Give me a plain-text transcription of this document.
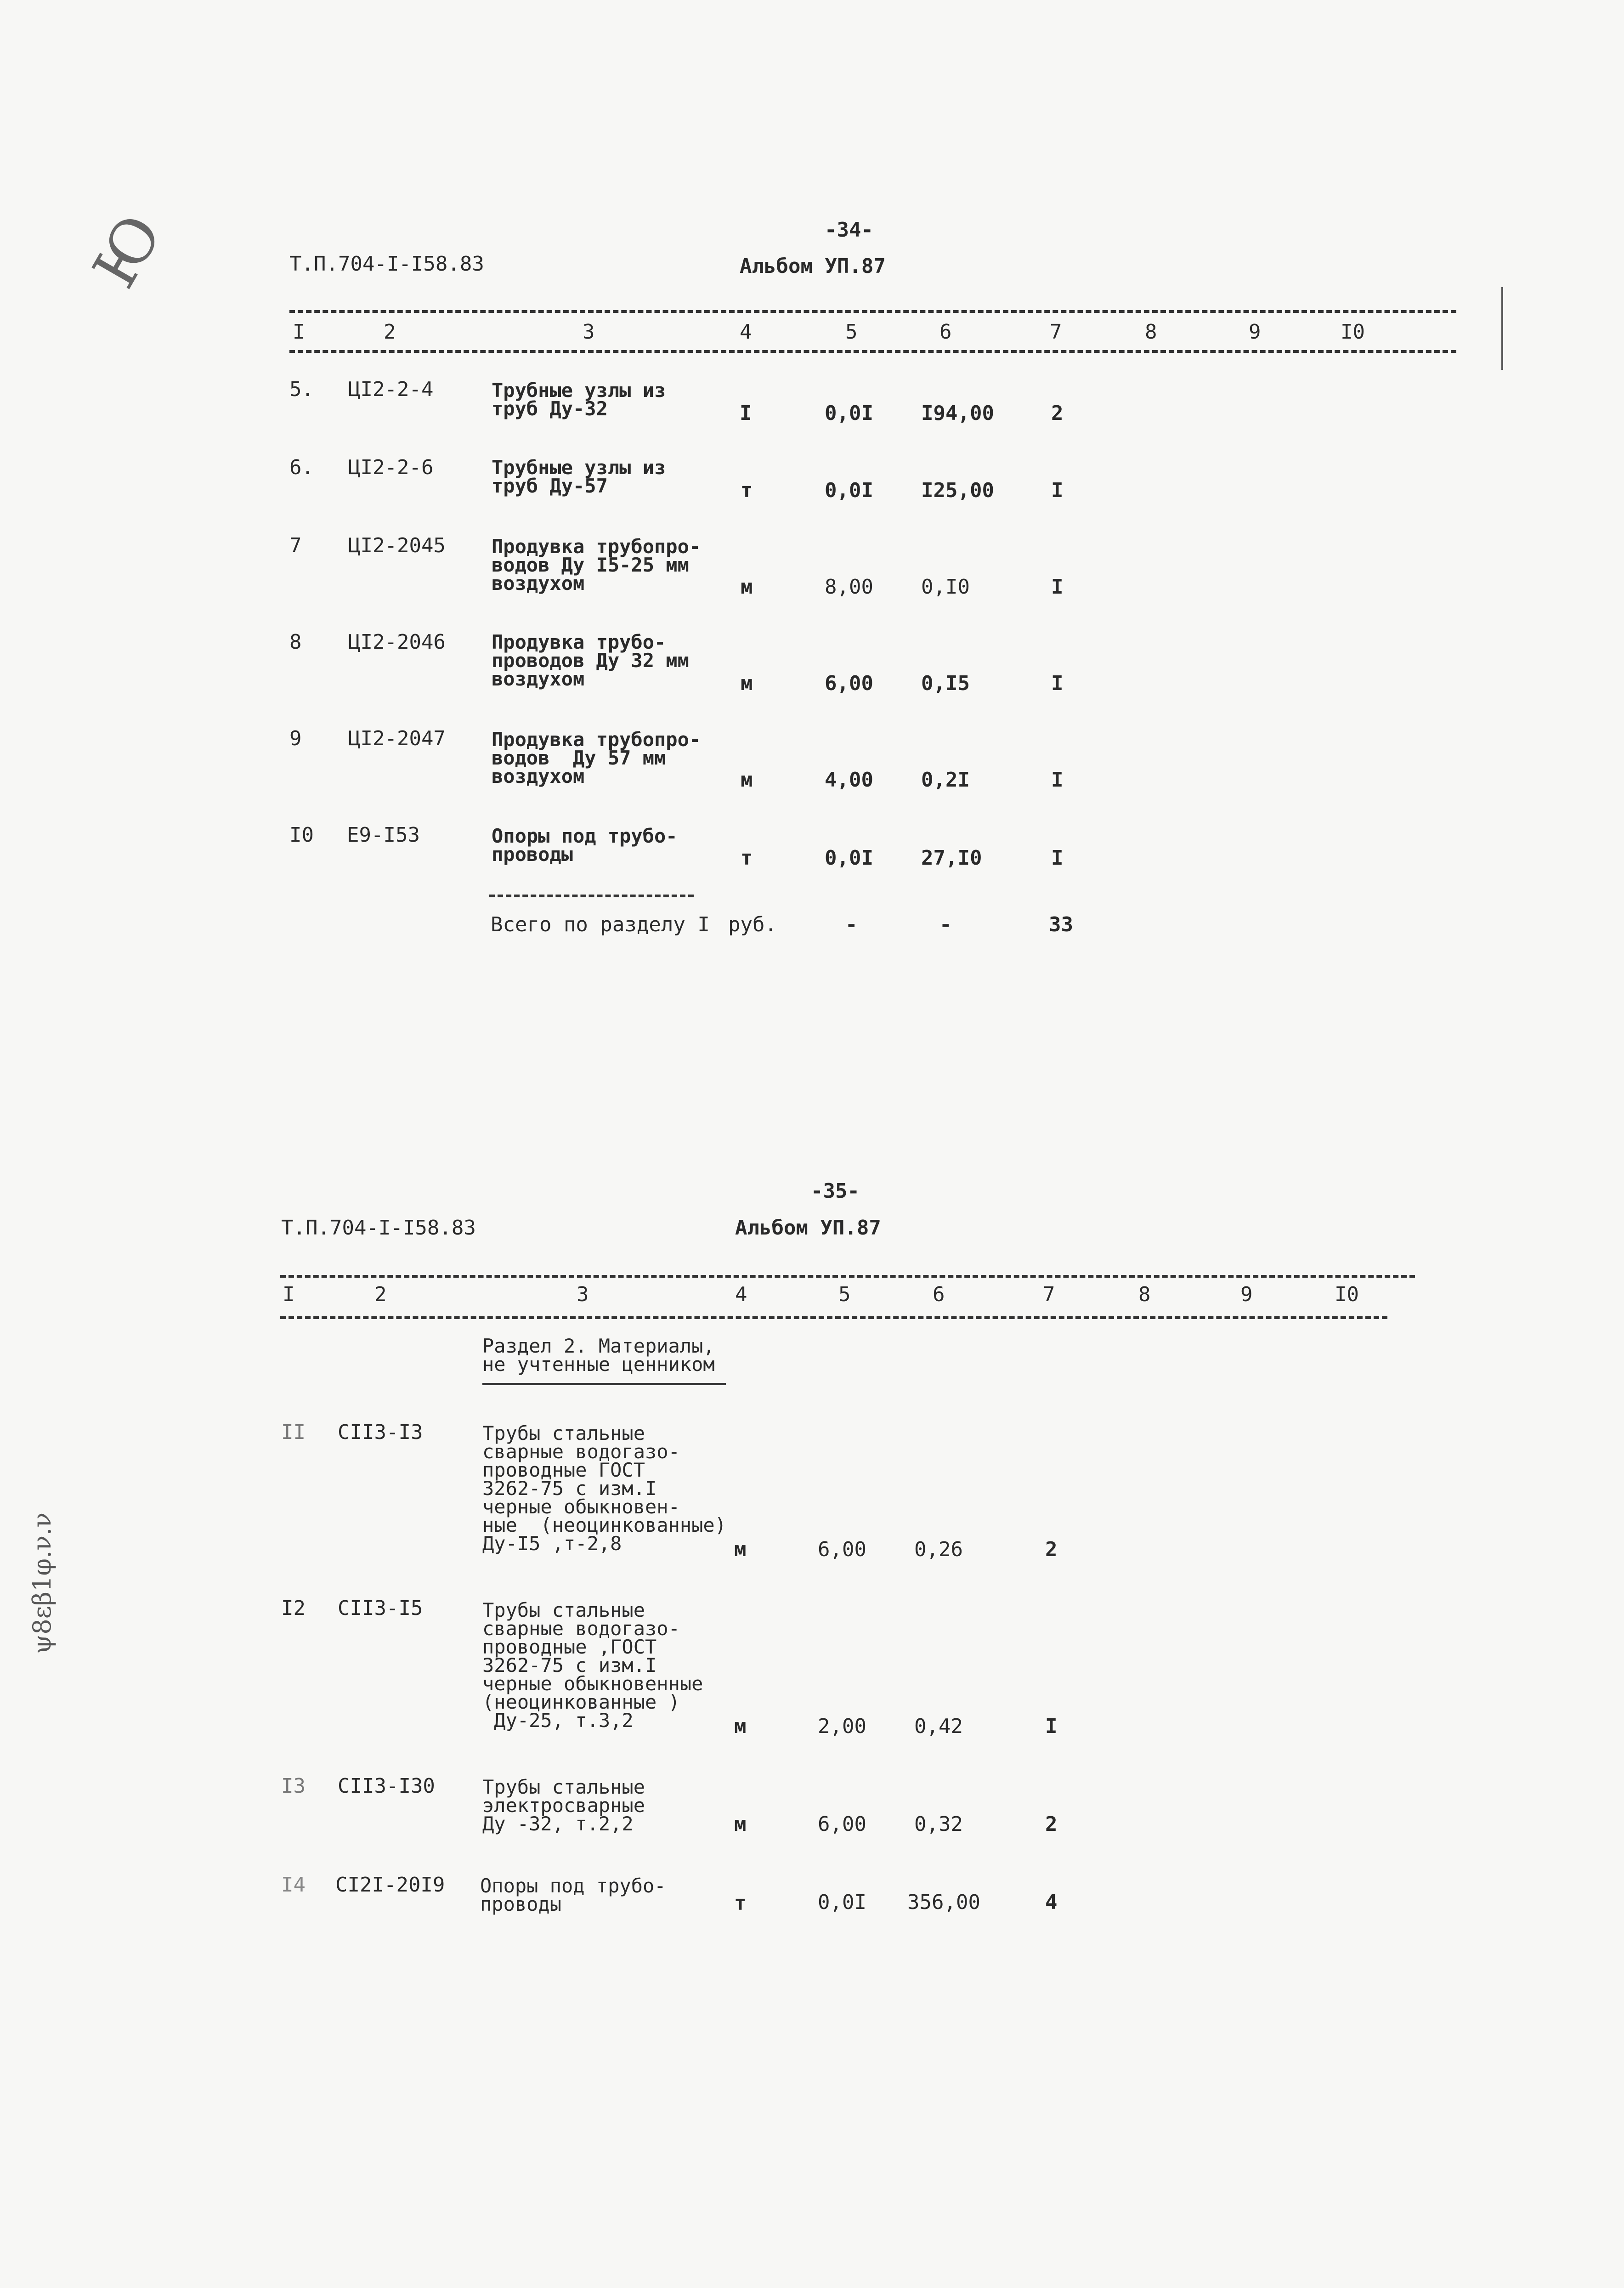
Ю
ψ8ɛβ1φ.ν.ν
-34-
Т.П.704-I-I58.83	Альбом УП.87
I	2	3	4	5	6	7	8	9	I0
5. ЦI2-2-4	Трубные узлы из
труб Ду-32	I	0,0I I94,00	2
6. ЦI2-2-6	Трубные узлы из
труб Ду-57	т	0,0I I25,00	I
7 ЦI2-2045 Продувка трубопро-
водов Ду I5-25 мм
воздухом	м	8,00 0,I0	I
8 ЦI2-2046 Продувка трубо-
проводов Ду 32 мм
воздухом	м	6,00 0,I5	I
9 ЦI2-2047 Продувка трубопро-
водов  Ду 57 мм
воздухом	м	4,00 0,2I	I
I0 Е9-I53	Опоры под трубо-
проводы	т	0,0I 27,I0	I
Всего по разделу I руб.	-	-	33
-35-
Т.П.704-I-I58.83	Альбом УП.87
I	2	3	4	5	6	7	8	9	I0
Раздел 2. Материалы,
не учтенные ценником
II СII3-I3	Трубы стальные
сварные водогазо-
проводные ГОСТ
3262-75 с изм.I
черные обыкновен-
ные  (неоцинкованные)
Ду-I5 ,т-2,8	м	6,00 0,26	2
I2 СII3-I5	Трубы стальные
сварные водогазо-
проводные ,ГОСТ
3262-75 с изм.I
черные обыкновенные
(неоцинкованные )
Ду-25, т.3,2	м	2,00 0,42	I
I3 СII3-I30 Трубы стальные
электросварные
Ду -32, т.2,2	м	6,00 0,32	2
I4 СI2I-20I9 Опоры под трубо-
проводы	т	0,0I 356,00	4
